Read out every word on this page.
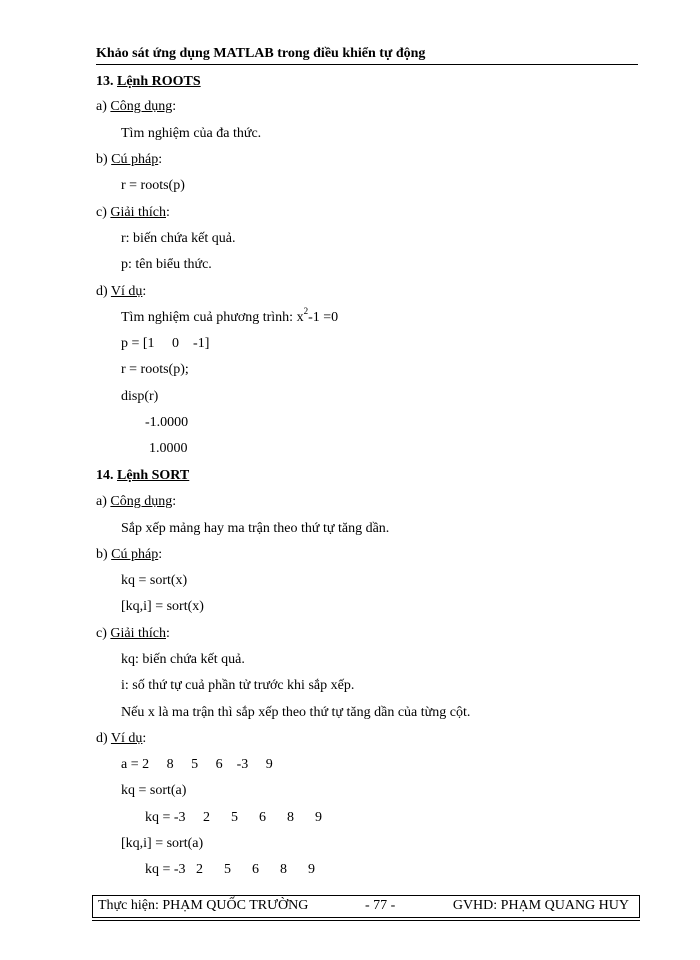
Khảo sát ứng dụng MATLAB trong điều khiển tự động
13. Lệnh ROOTS
a) Công dụng:
Tìm nghiệm của đa thức.
b) Cú pháp:
r = roots(p)
c) Giải thích:
r: biến chứa kết quả.
p: tên biểu thức.
d) Ví dụ:
Tìm nghiệm cuả phương trình: $x^2-1 =0$
p = [1     0    -1]
r = roots(p);
disp(r)
-1.0000
1.0000
14. Lệnh SORT
a) Công dụng:
Sắp xếp mảng hay ma trận theo thứ tự tăng dần.
b) Cú pháp:
kq = sort(x)
[kq,i] = sort(x)
c) Giải thích:
kq: biến chứa kết quả.
i: số thứ tự cuả phần tử trước khi sắp xếp.
Nếu x là ma trận thì sắp xếp theo thứ tự tăng dần của từng cột.
d) Ví dụ:
a = 2     8     5     6    -3     9
kq = sort(a)
kq = -3     2      5      6      8      9
[kq,i] = sort(a)
kq = -3   2      5      6      8      9
Thực hiện: PHẠM QUỐC TRƯỜNG	- 77 -	GVHD: PHẠM QUANG HUY
